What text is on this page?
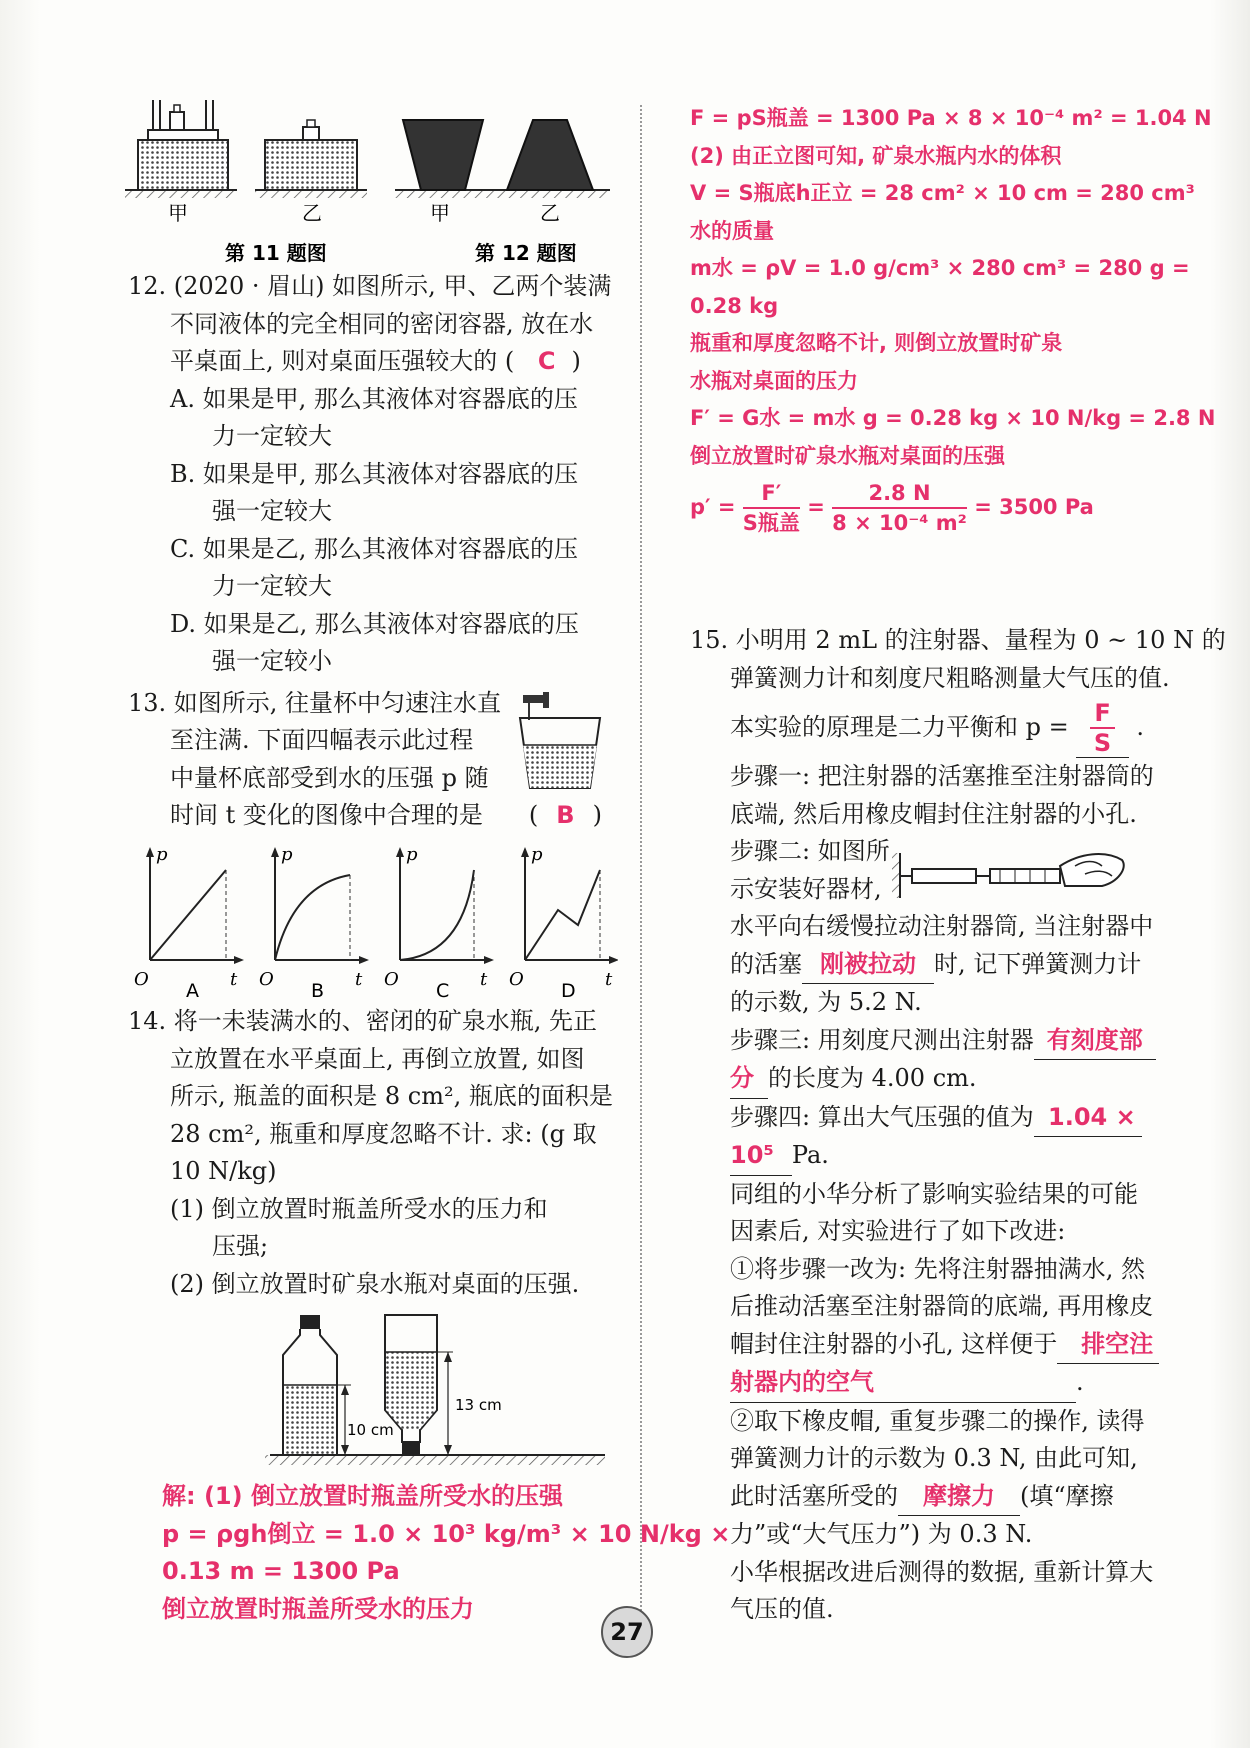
甲	乙	甲	乙
第 11 题图	第 12 题图
12. (2020 · 眉山) 如图所示, 甲、乙两个装满
不同液体的完全相同的密闭容器, 放在水
平桌面上, 则对桌面压强较大的 ( C )
A. 如果是甲, 那么其液体对容器底的压
力一定较大
B. 如果是甲, 那么其液体对容器底的压
强一定较大
C. 如果是乙, 那么其液体对容器底的压
力一定较大
D. 如果是乙, 那么其液体对容器底的压
强一定较小
13. 如图所示, 往量杯中匀速注水直
至注满. 下面四幅表示此过程
中量杯底部受到水的压强 p 随
时间 t 变化的图像中合理的是 ( B )
O
p
t O
p
t O
p
t O
p
t
A	B	C	D
14. 将一未装满水的、密闭的矿泉水瓶, 先正
立放置在水平桌面上, 再倒立放置, 如图
所示, 瓶盖的面积是 8 cm², 瓶底的面积是
28 cm², 瓶重和厚度忽略不计. 求: (g 取
10 N/kg)
(1) 倒立放置时瓶盖所受水的压力和
压强;
(2) 倒立放置时矿泉水瓶对桌面的压强.
10 cm
13 cm
解: (1) 倒立放置时瓶盖所受水的压强
p = ρgh倒立 = 1.0 × 10³ kg/m³ × 10 N/kg ×
0.13 m = 1300 Pa
倒立放置时瓶盖所受水的压力
F = pS瓶盖 = 1300 Pa × 8 × 10⁻⁴ m² = 1.04 N
(2) 由正立图可知, 矿泉水瓶内水的体积
V = S瓶底h正立 = 28 cm² × 10 cm = 280 cm³
水的质量
m水 = ρV = 1.0 g/cm³ × 280 cm³ = 280 g =
0.28 kg
瓶重和厚度忽略不计, 则倒立放置时矿泉
水瓶对桌面的压力
F′ = G水 = m水 g = 0.28 kg × 10 N/kg = 2.8 N
倒立放置时矿泉水瓶对桌面的压强
$p' = \frac{F'}{\text{S瓶盖}} = \frac{2.8 N}{\text{8 × 10⁻⁴ m²}} = 3500$ Pa
15. 小明用 2 mL 的注射器、量程为 0 ~ 10 N 的
弹簧测力计和刻度尺粗略测量大气压的值.
本实验的原理是二力平衡和 $p = \frac{F}{S}$ .
步骤一: 把注射器的活塞推至注射器筒的
底端, 然后用橡皮帽封住注射器的小孔.
步骤二: 如图所
示安装好器材,
水平向右缓慢拉动注射器筒, 当注射器中
的活塞 刚被拉动 时, 记下弹簧测力计
的示数, 为 5.2 N.
步骤三: 用刻度尺测出注射器 有刻度部
分 的长度为 4.00 cm.
步骤四: 算出大气压强的值为 1.04 ×
10⁵ Pa.
同组的小华分析了影响实验结果的可能
因素后, 对实验进行了如下改进:
①将步骤一改为: 先将注射器抽满水, 然
后推动活塞至注射器筒的底端, 再用橡皮
帽封住注射器的小孔, 这样便于 排空注
射器内的空气	.
②取下橡皮帽, 重复步骤二的操作, 读得
弹簧测力计的示数为 0.3 N, 由此可知,
此时活塞所受的 摩擦力 (填“摩擦
力”或“大气压力”) 为 0.3 N.
小华根据改进后测得的数据, 重新计算大
气压的值.
27
